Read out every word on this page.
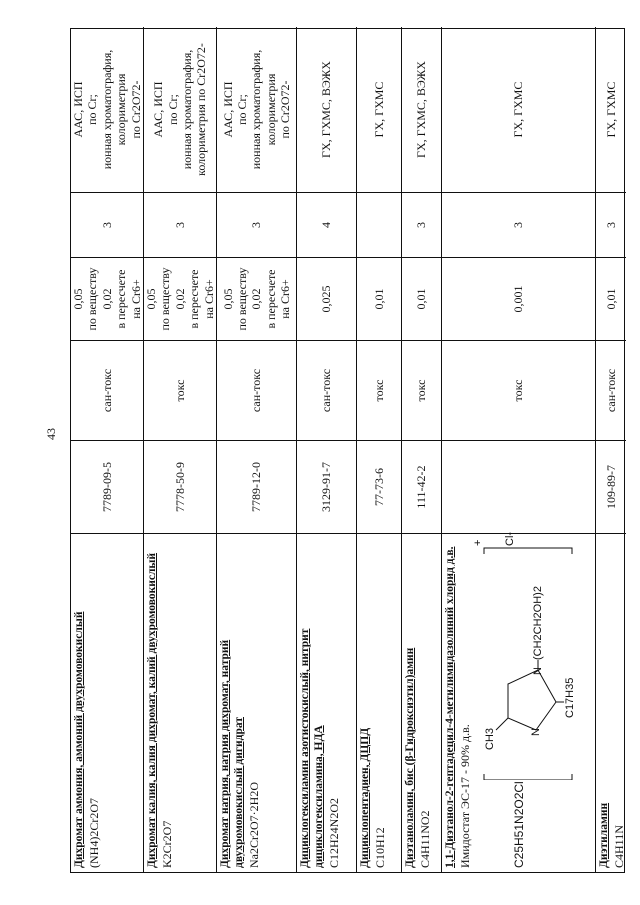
43
Дихромат аммония, аммоний двухромовокислый (NH4)2Cr2O7
7789-09-5
сан-токс
0,05 по веществу 0,02 в пересчете на Cr6+
3
ААС, ИСП по Cr; ионная хроматография, колориметрия по Cr2O72-
Дихромат калия, калия дихромат, калий двухромовокислый K2Cr2O7
7778-50-9
токс
0,05 по веществу 0,02 в пересчете на Cr6+
3
ААС, ИСП по Cr; ионная хроматография, колориметрия по Cr2O72-
Дихромат натрия, натрия дихромат, натрий двухромовокислый дигидрат Na2Cr2O7·2H2O
7789-12-0
сан-токс
0,05 по веществу 0,02 в пересчете на Cr6+
3
ААС, ИСП по Cr; ионная хроматография, колориметрия по Cr2O72-
Дициклогексиламин азотистокислый, нитрит дициклогексиламина, НДА C12H24N2O2
3129-91-7
сан-токс
0,025
4
ГХ, ГХМС, ВЭЖХ
Дициклопентадиен, ДЦПД C10H12
77-73-6
токс
0,01
ГХ, ГХМС
Диэтаноламин, бис (β-Гидроксиэтил)амин C4H11NO2
111-42-2
токс
0,01
3
ГХ, ГХМС, ВЭЖХ
1,1-Диэтанол-2-гептадецил-4-метилимидазолиний хлорид д.в. Имидостат ЭС-17 - 90% д.в.	C25H51N2O2Cl
CH3
N
N
(CH2CH2OH)2
C17H35
+ Cl-
токс
0,001
3
ГХ, ГХМС
Диэтиламин C4H11N
109-89-7
сан-токс
0,01
3
ГХ, ГХМС
